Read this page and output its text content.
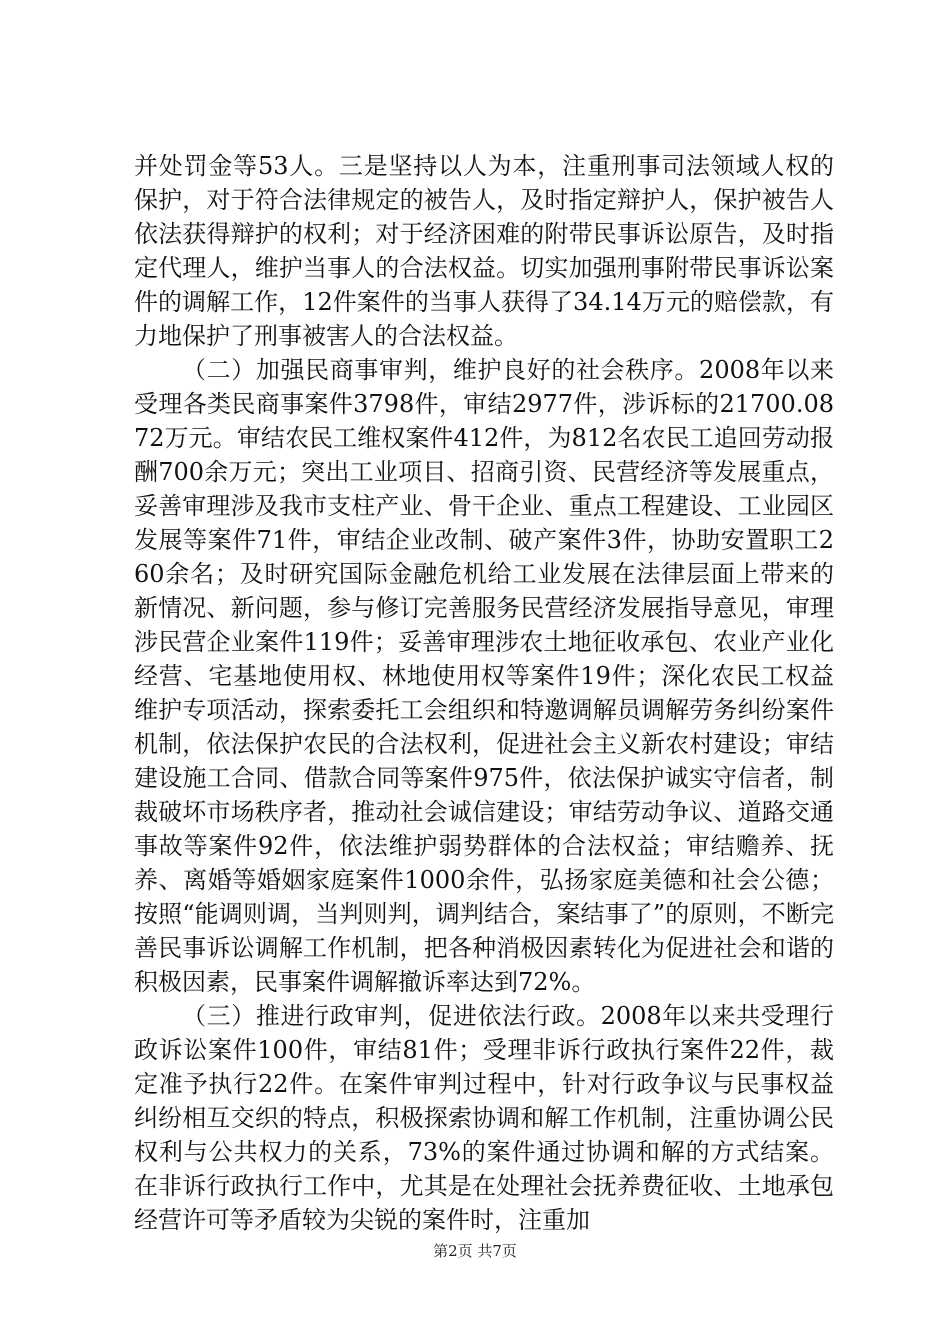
并处罚金等53人。三是坚持以人为本，注重刑事司法领域人权的保护，对于符合法律规定的被告人，及时指定辩护人，保护被告人依法获得辩护的权利；对于经济困难的附带民事诉讼原告，及时指定代理人，维护当事人的合法权益。切实加强刑事附带民事诉讼案件的调解工作，12件案件的当事人获得了34.14万元的赔偿款，有力地保护了刑事被害人的合法权益。

（二）加强民商事审判，维护良好的社会秩序。2008年以来受理各类民商事案件3798件，审结2977件，涉诉标的21700.0872万元。审结农民工维权案件412件，为812名农民工追回劳动报酬700余万元；突出工业项目、招商引资、民营经济等发展重点，妥善审理涉及我市支柱产业、骨干企业、重点工程建设、工业园区发展等案件71件，审结企业改制、破产案件3件，协助安置职工260余名；及时研究国际金融危机给工业发展在法律层面上带来的新情况、新问题，参与修订完善服务民营经济发展指导意见，审理涉民营企业案件119件；妥善审理涉农土地征收承包、农业产业化经营、宅基地使用权、林地使用权等案件19件；深化农民工权益维护专项活动，探索委托工会组织和特邀调解员调解劳务纠纷案件机制，依法保护农民的合法权利，促进社会主义新农村建设；审结建设施工合同、借款合同等案件975件，依法保护诚实守信者，制裁破坏市场秩序者，推动社会诚信建设；审结劳动争议、道路交通事故等案件92件，依法维护弱势群体的合法权益；审结赡养、抚养、离婚等婚姻家庭案件1000余件，弘扬家庭美德和社会公德；按照“能调则调，当判则判，调判结合，案结事了”的原则，不断完善民事诉讼调解工作机制，把各种消极因素转化为促进社会和谐的积极因素，民事案件调解撤诉率达到72%。

（三）推进行政审判，促进依法行政。2008年以来共受理行政诉讼案件100件，审结81件；受理非诉行政执行案件22件，裁定准予执行22件。在案件审判过程中，针对行政争议与民事权益纠纷相互交织的特点，积极探索协调和解工作机制，注重协调公民权利与公共权力的关系，73%的案件通过协调和解的方式结案。在非诉行政执行工作中，尤其是在处理社会抚养费征收、土地承包经营许可等矛盾较为尖锐的案件时，注重加

第2页 共7页
